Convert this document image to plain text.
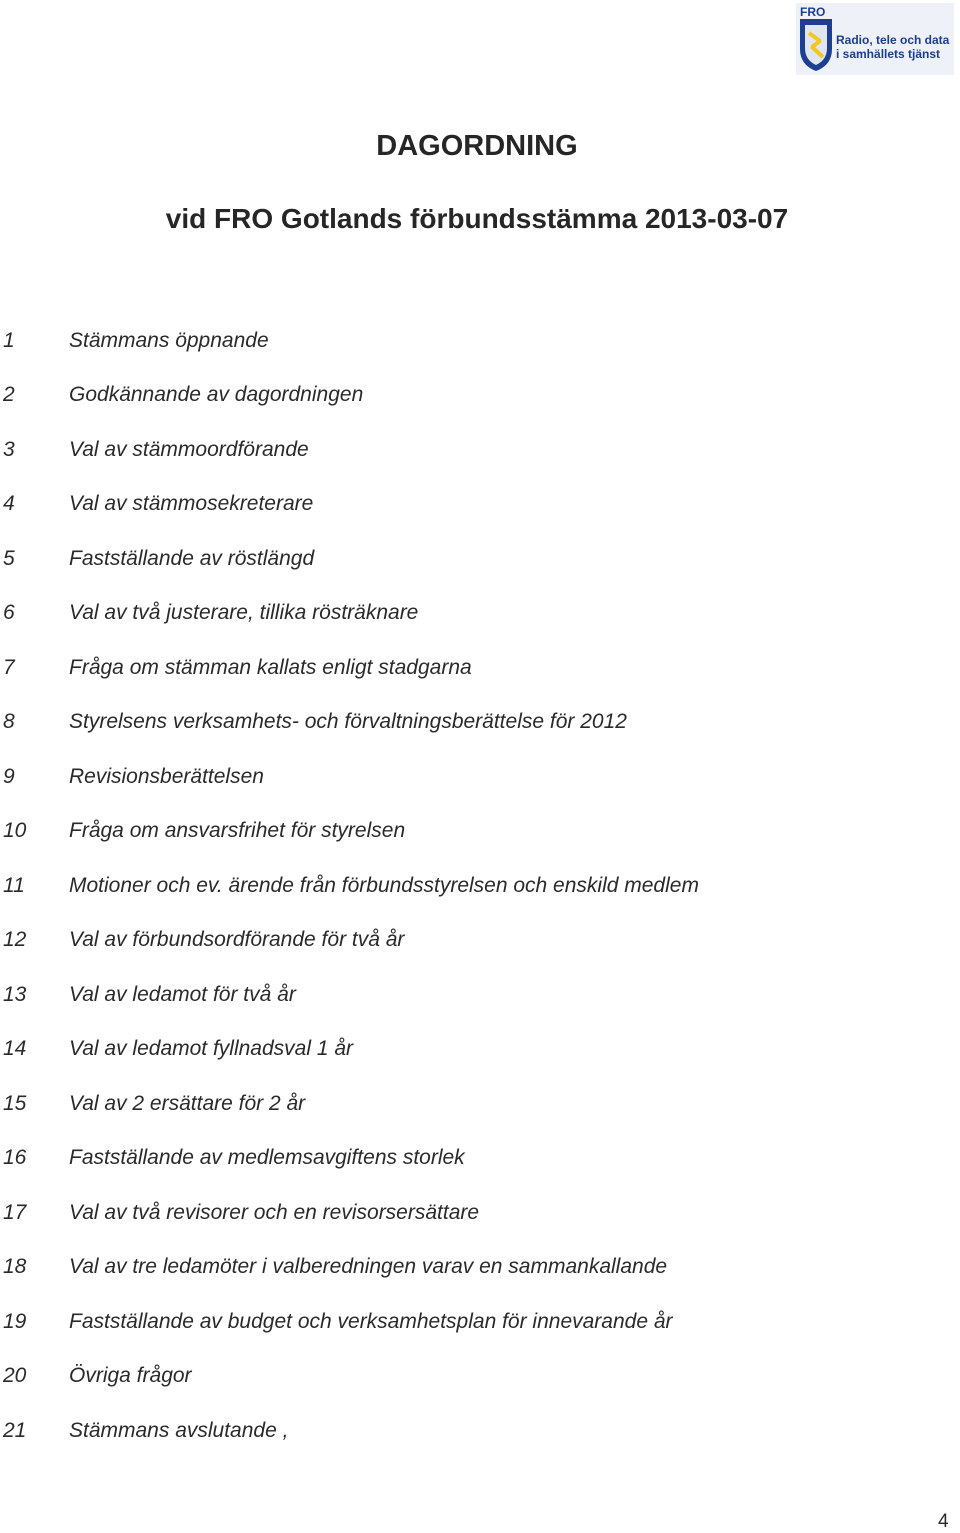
FRO
Radio, tele och data
i samhällets tjänst
DAGORDNING
vid FRO Gotlands förbundsstämma 2013-03-07
1	Stämmans öppnande
2	Godkännande av dagordningen
3	Val av stämmoordförande
4	Val av stämmosekreterare
5	Fastställande av röstlängd
6	Val av två justerare, tillika rösträknare
7	Fråga om stämman kallats enligt stadgarna
8	Styrelsens verksamhets- och förvaltningsberättelse för 2012
9	Revisionsberättelsen
10	Fråga om ansvarsfrihet för styrelsen
11	Motioner och ev. ärende från förbundsstyrelsen och enskild medlem
12	Val av förbundsordförande för två år
13	Val av ledamot för två år
14	Val av ledamot fyllnadsval 1 år
15	Val av 2 ersättare för 2 år
16	Fastställande av medlemsavgiftens storlek
17	Val av två revisorer och en revisorsersättare
18	Val av tre ledamöter i valberedningen varav en sammankallande
19	Fastställande av budget och verksamhetsplan för innevarande år
20	Övriga frågor
21	Stämmans avslutande ,
4
